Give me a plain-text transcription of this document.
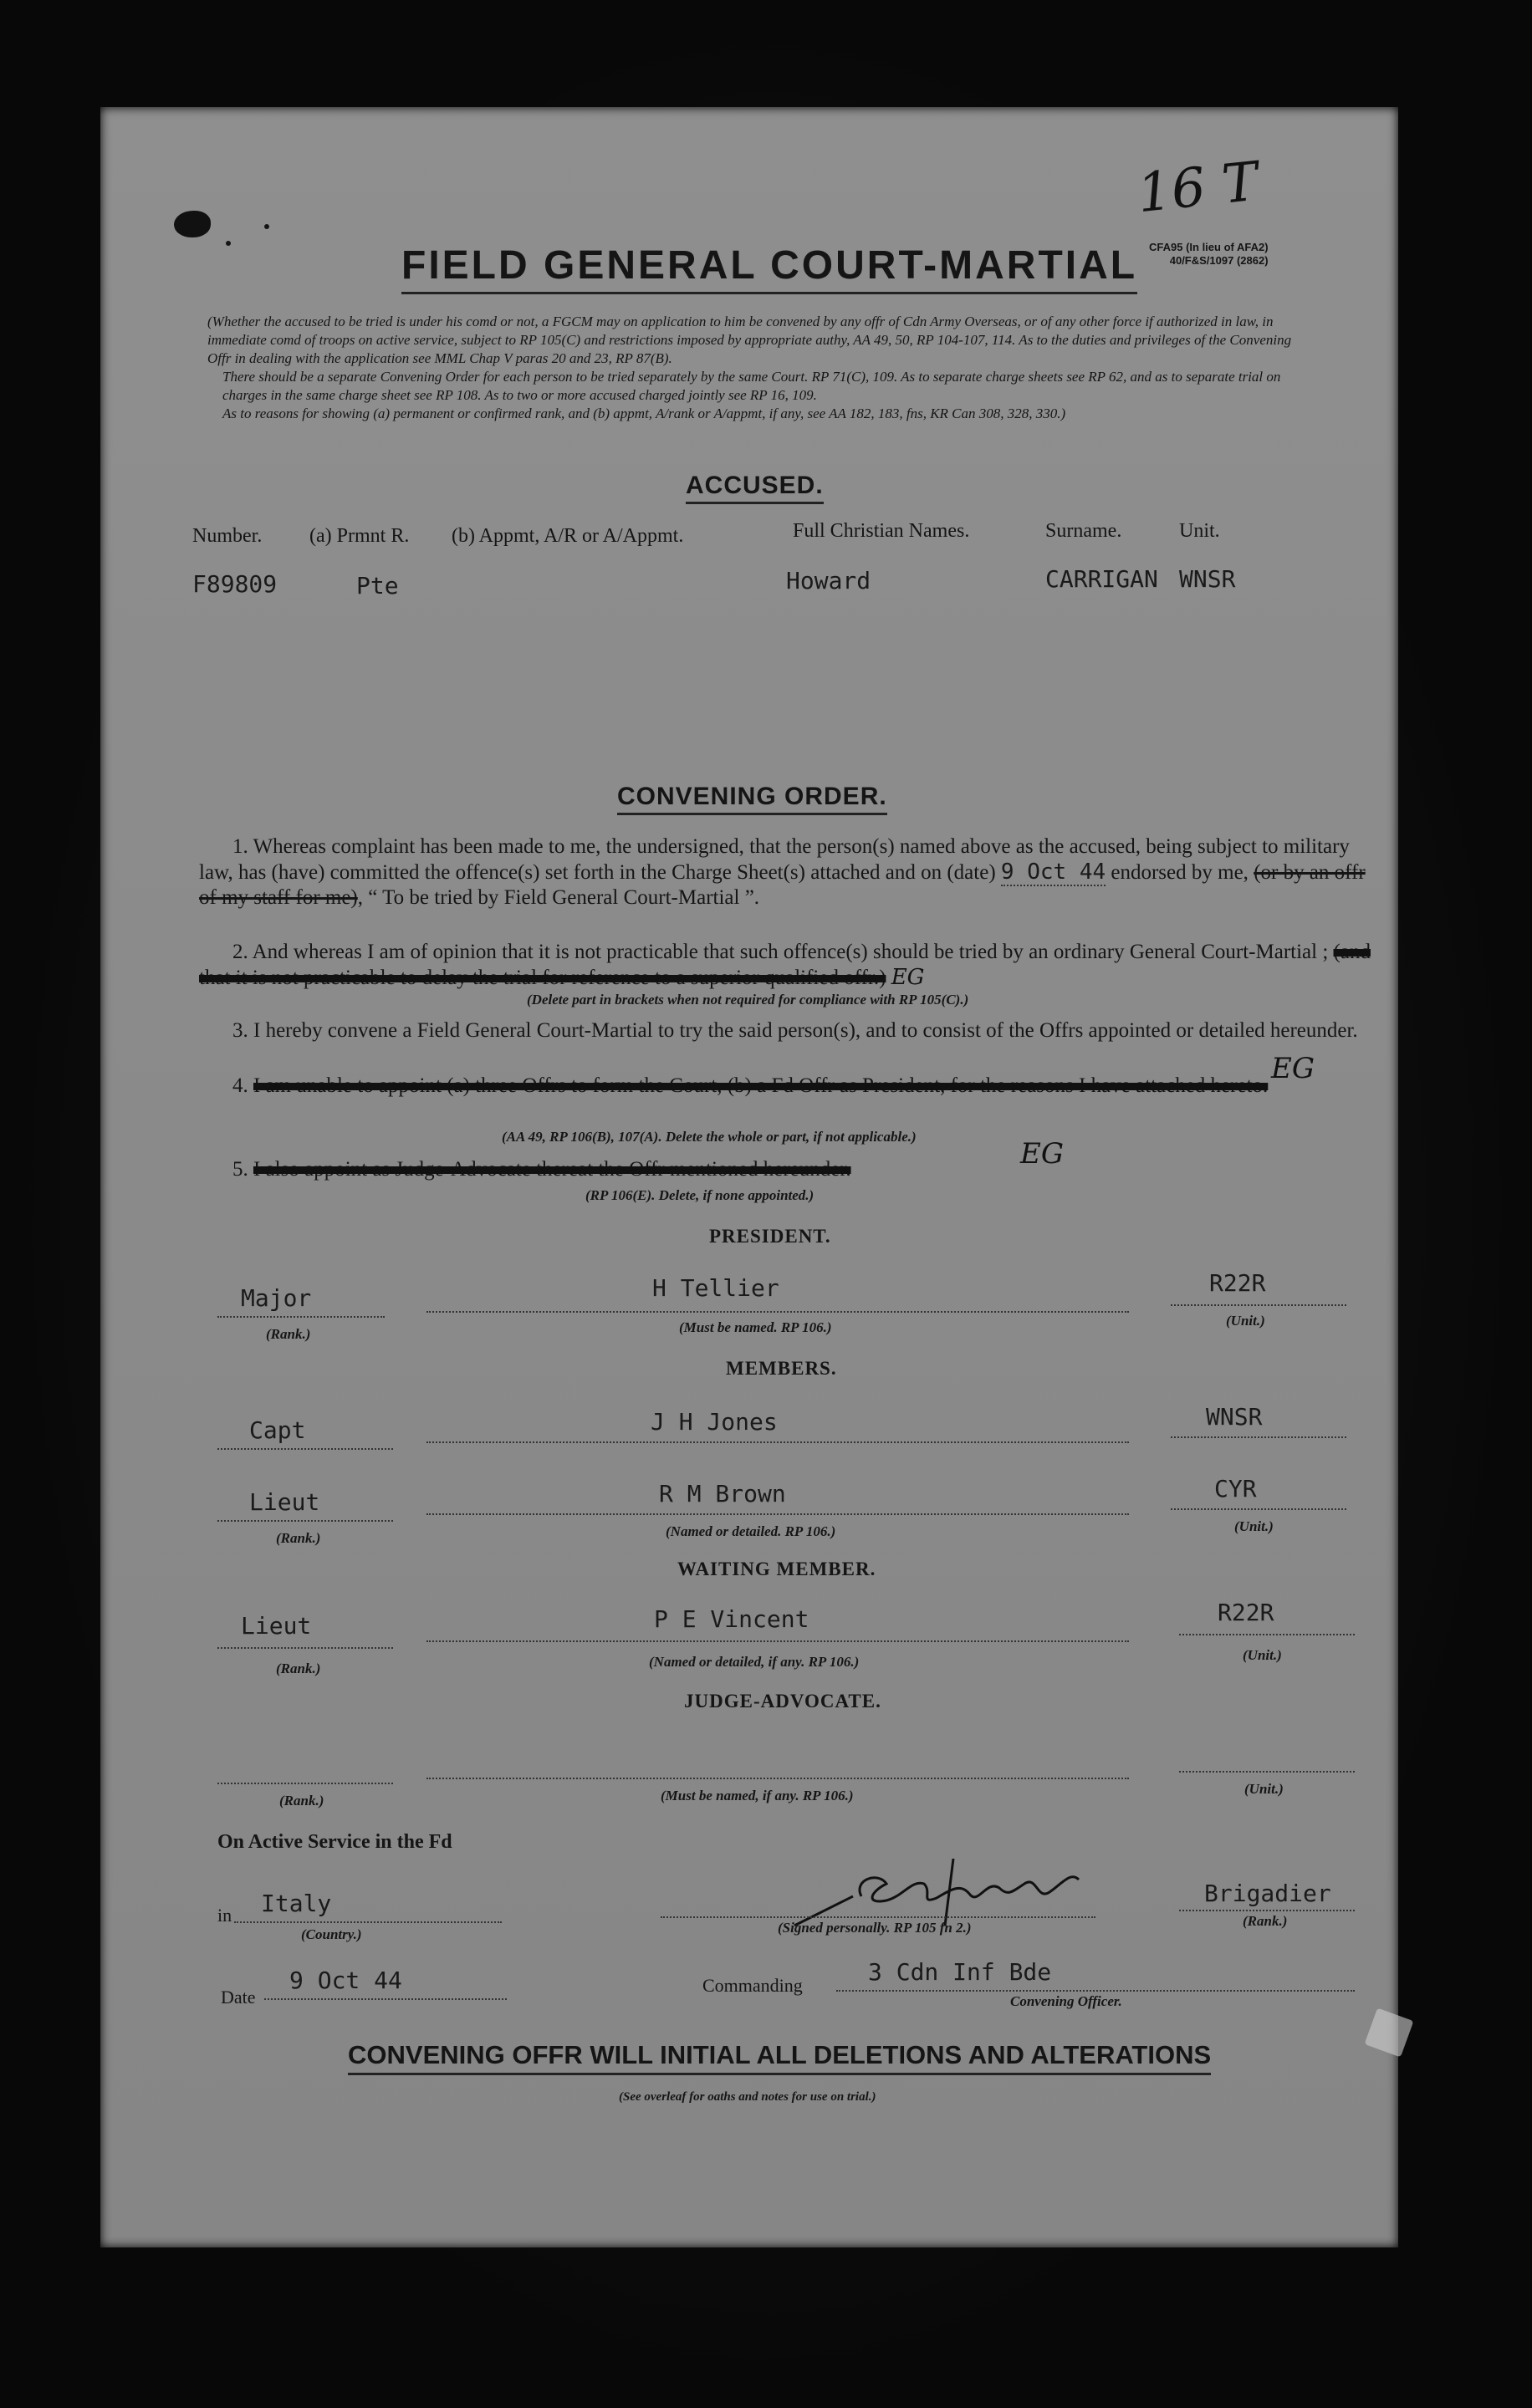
FIELD GENERAL COURT-MARTIAL CFA95 (In lieu of AFA2)
40/F&S/1097 (2862)
16 T

(Whether the accused to be tried is under his comd or not, a FGCM may on application to him be convened by any offr of Cdn Army Overseas, or of any other force if authorized in law, in immediate comd of troops on active service, subject to RP 105(C) and restrictions imposed by appropriate authy, AA 49, 50, RP 104-107, 114. As to the duties and privileges of the Convening Offr in dealing with the application see MML Chap V paras 20 and 23, RP 87(B).

There should be a separate Convening Order for each person to be tried separately by the same Court. RP 71(C), 109. As to separate charge sheets see RP 62, and as to separate trial on charges in the same charge sheet see RP 108. As to two or more accused charged jointly see RP 16, 109.

As to reasons for showing (a) permanent or confirmed rank, and (b) appmt, A/rank or A/appmt, if any, see AA 182, 183, fns, KR Can 308, 328, 330.)

ACCUSED.
Number. (a) Prmnt R. (b) Appmt, A/R or A/Appmt.	Full Christian Names.	Surname.	Unit.
F89809	Pte	Howard	CARRIGAN WNSR
CONVENING ORDER.
1. Whereas complaint has been made to me, the undersigned, that the person(s) named above as the accused, being subject to military law, has (have) committed the offence(s) set forth in the Charge Sheet(s) attached and on (date) 9 Oct 44 endorsed by me, (or by an offr of my staff for me), “ To be tried by Field General Court-Martial ”.
2. And whereas I am of opinion that it is not practicable that such offence(s) should be tried by an ordinary General Court-Martial ; (and that it is not practicable to delay the trial for reference to a superior qualified offr.) EG
(Delete part in brackets when not required for compliance with RP 105(C).)
3. I hereby convene a Field General Court-Martial to try the said person(s), and to consist of the Offrs appointed or detailed hereunder.
4. I am unable to appoint (a) three Offrs to form the Court, (b) a Fd Offr as President, for the reasons I have attached hereto.
EG
(AA 49, RP 106(B), 107(A). Delete the whole or part, if not applicable.)
5. I also appoint as Judge-Advocate thereat the Offr mentioned hereunder.	EG
(RP 106(E). Delete, if none appointed.)
PRESIDENT.
Major	H Tellier	R22R
(Rank.)	(Must be named. RP 106.)	(Unit.)
MEMBERS.
Capt	J H Jones	WNSR
Lieut	R M Brown	CYR
(Rank.)	(Named or detailed. RP 106.)	(Unit.)
WAITING MEMBER.
Lieut	P E Vincent	R22R
(Rank.)	(Named or detailed, if any. RP 106.)	(Unit.)
JUDGE-ADVOCATE.
(Rank.)	(Must be named, if any. RP 106.)	(Unit.)
On Active Service in the Fd
in Italy
(Country.)	(Signed personally. RP 105 fn 2.)
Brigadier
(Rank.)
Date
9 Oct 44	Commanding	3 Cdn Inf Bde
Convening Officer.
CONVENING OFFR WILL INITIAL ALL DELETIONS AND ALTERATIONS
(See overleaf for oaths and notes for use on trial.)
